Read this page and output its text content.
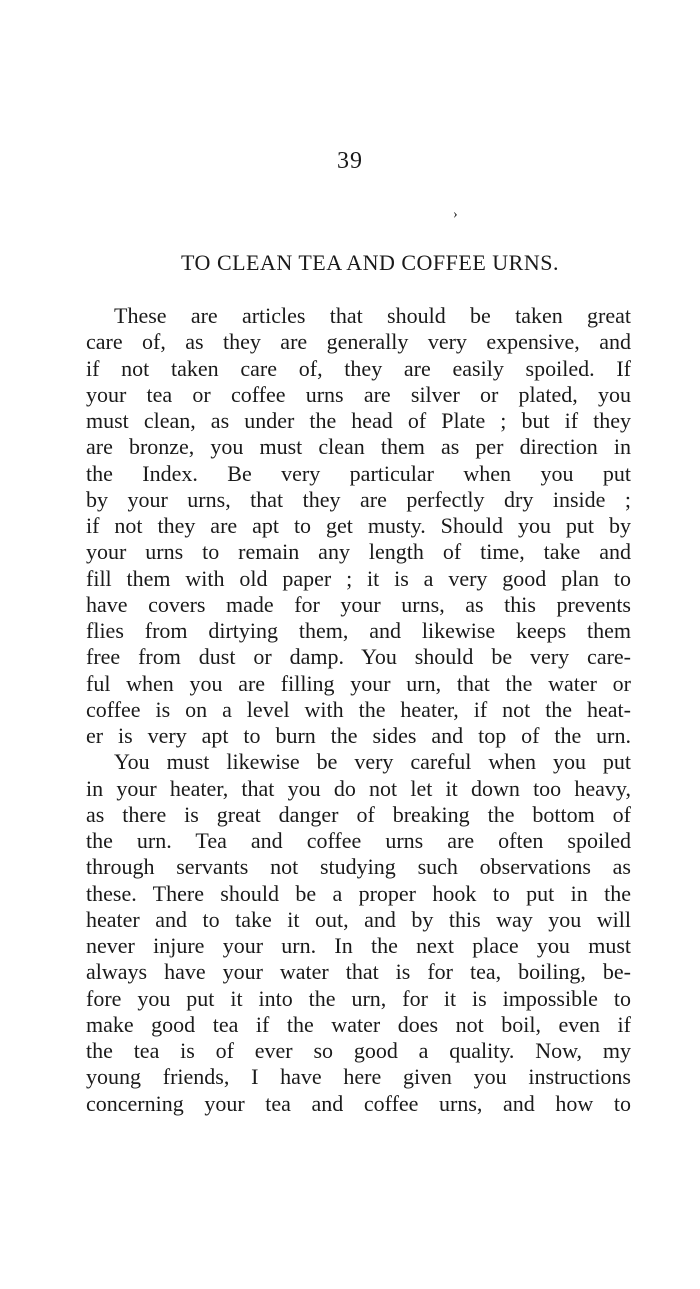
39
›
TO CLEAN TEA AND COFFEE URNS.
These are articles that should be taken great
care of, as they are generally very expensive, and
if not taken care of, they are easily spoiled. If
your tea or coffee urns are silver or plated, you
must clean, as under the head of Plate ; but if they
are bronze, you must clean them as per direction in
the Index. Be very particular when you put
by your urns, that they are perfectly dry inside ;
if not they are apt to get musty. Should you put by
your urns to remain any length of time, take and
fill them with old paper ; it is a very good plan to
have covers made for your urns, as this prevents
flies from dirtying them, and likewise keeps them
free from dust or damp. You should be very care-
ful when you are filling your urn, that the water or
coffee is on a level with the heater, if not the heat-
er is very apt to burn the sides and top of the urn.
You must likewise be very careful when you put
in your heater, that you do not let it down too heavy,
as there is great danger of breaking the bottom of
the urn. Tea and coffee urns are often spoiled
through servants not studying such observations as
these. There should be a proper hook to put in the
heater and to take it out, and by this way you will
never injure your urn. In the next place you must
always have your water that is for tea, boiling, be-
fore you put it into the urn, for it is impossible to
make good tea if the water does not boil, even if
the tea is of ever so good a quality. Now, my
young friends, I have here given you instructions
concerning your tea and coffee urns, and how to
